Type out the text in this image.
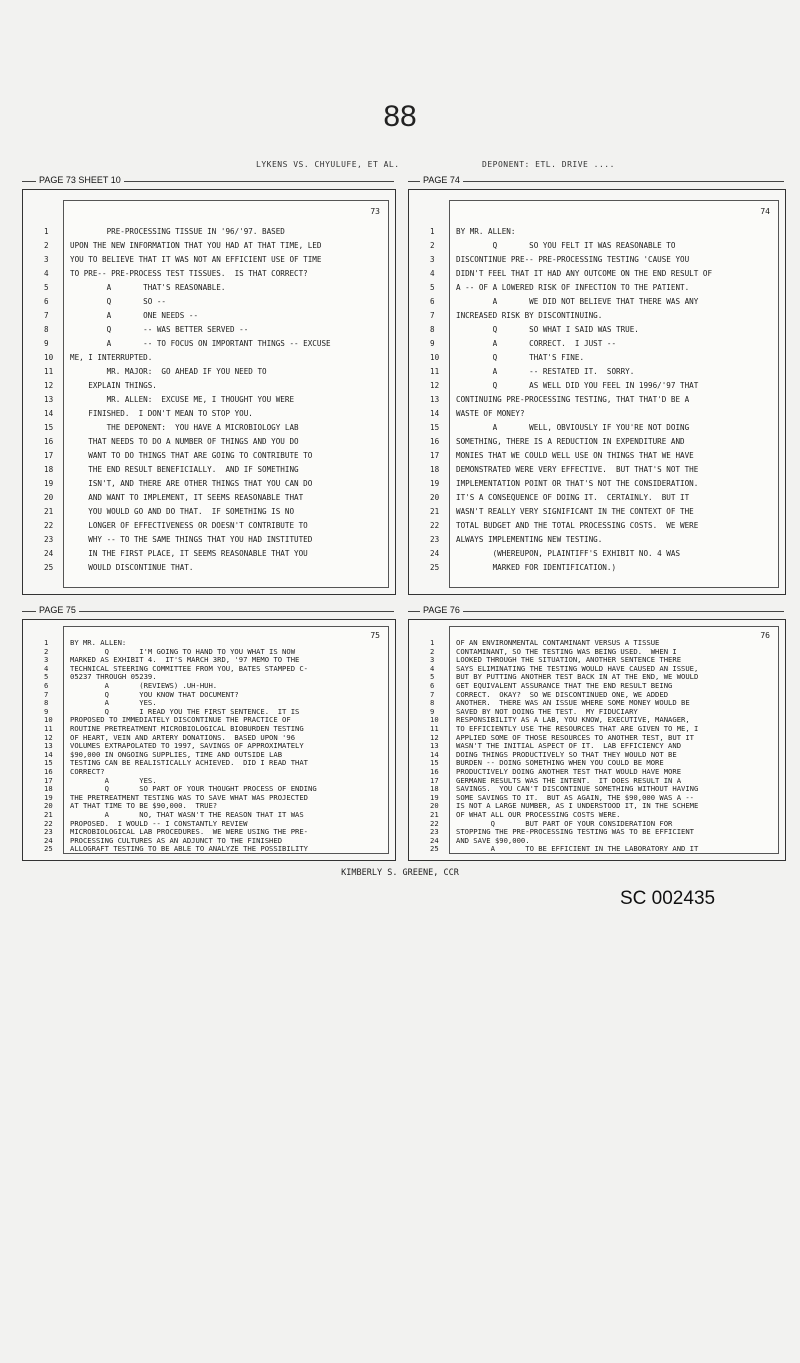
88
LYKENS VS. CHYULUFE, ET AL.	DEPONENT: ETL. DRIVE ....
PAGE 73 SHEET 10	PAGE 74
73
1	PRE-PROCESSING TISSUE IN '96/'97. BASED
2	UPON THE NEW INFORMATION THAT YOU HAD AT THAT TIME, LED
3	YOU TO BELIEVE THAT IT WAS NOT AN EFFICIENT USE OF TIME
4	TO PRE-- PRE-PROCESS TEST TISSUES.  IS THAT CORRECT?
5	A       THAT'S REASONABLE.
6	Q       SO --
7	A       ONE NEEDS --
8	Q       -- WAS BETTER SERVED --
9	A       -- TO FOCUS ON IMPORTANT THINGS -- EXCUSE
10	ME, I INTERRUPTED.
11	MR. MAJOR:  GO AHEAD IF YOU NEED TO
12	EXPLAIN THINGS.
13	MR. ALLEN:  EXCUSE ME, I THOUGHT YOU WERE
14	FINISHED.  I DON'T MEAN TO STOP YOU.
15	THE DEPONENT:  YOU HAVE A MICROBIOLOGY LAB
16	THAT NEEDS TO DO A NUMBER OF THINGS AND YOU DO
17	WANT TO DO THINGS THAT ARE GOING TO CONTRIBUTE TO
18	THE END RESULT BENEFICIALLY.  AND IF SOMETHING
19	ISN'T, AND THERE ARE OTHER THINGS THAT YOU CAN DO
20	AND WANT TO IMPLEMENT, IT SEEMS REASONABLE THAT
21	YOU WOULD GO AND DO THAT.  IF SOMETHING IS NO
22	LONGER OF EFFECTIVENESS OR DOESN'T CONTRIBUTE TO
23	WHY -- TO THE SAME THINGS THAT YOU HAD INSTITUTED
24	IN THE FIRST PLACE, IT SEEMS REASONABLE THAT YOU
25	WOULD DISCONTINUE THAT.
74
1	BY MR. ALLEN:
2	Q       SO YOU FELT IT WAS REASONABLE TO
3	DISCONTINUE PRE-- PRE-PROCESSING TESTING 'CAUSE YOU
4	DIDN'T FEEL THAT IT HAD ANY OUTCOME ON THE END RESULT OF
5	A -- OF A LOWERED RISK OF INFECTION TO THE PATIENT.
6	A       WE DID NOT BELIEVE THAT THERE WAS ANY
7	INCREASED RISK BY DISCONTINUING.
8	Q       SO WHAT I SAID WAS TRUE.
9	A       CORRECT.  I JUST --
10	Q       THAT'S FINE.
11	A       -- RESTATED IT.  SORRY.
12	Q       AS WELL DID YOU FEEL IN 1996/'97 THAT
13	CONTINUING PRE-PROCESSING TESTING, THAT THAT'D BE A
14	WASTE OF MONEY?
15	A       WELL, OBVIOUSLY IF YOU'RE NOT DOING
16	SOMETHING, THERE IS A REDUCTION IN EXPENDITURE AND
17	MONIES THAT WE COULD WELL USE ON THINGS THAT WE HAVE
18	DEMONSTRATED WERE VERY EFFECTIVE.  BUT THAT'S NOT THE
19	IMPLEMENTATION POINT OR THAT'S NOT THE CONSIDERATION.
20	IT'S A CONSEQUENCE OF DOING IT.  CERTAINLY.  BUT IT
21	WASN'T REALLY VERY SIGNIFICANT IN THE CONTEXT OF THE
22	TOTAL BUDGET AND THE TOTAL PROCESSING COSTS.  WE WERE
23	ALWAYS IMPLEMENTING NEW TESTING.
24	(WHEREUPON, PLAINTIFF'S EXHIBIT NO. 4 WAS
25	MARKED FOR IDENTIFICATION.)
PAGE 75	PAGE 76
75
1	BY MR. ALLEN:
2	Q       I'M GOING TO HAND TO YOU WHAT IS NOW
3	MARKED AS EXHIBIT 4.  IT'S MARCH 3RD, '97 MEMO TO THE
4	TECHNICAL STEERING COMMITTEE FROM YOU, BATES STAMPED C-
5	05237 THROUGH 05239.
6	A       (REVIEWS) .UH-HUH.
7	Q       YOU KNOW THAT DOCUMENT?
8	A       YES.
9	Q       I READ YOU THE FIRST SENTENCE.  IT IS
10	PROPOSED TO IMMEDIATELY DISCONTINUE THE PRACTICE OF
11	ROUTINE PRETREATMENT MICROBIOLOGICAL BIOBURDEN TESTING
12	OF HEART, VEIN AND ARTERY DONATIONS.  BASED UPON '96
13	VOLUMES EXTRAPOLATED TO 1997, SAVINGS OF APPROXIMATELY
14	$90,000 IN ONGOING SUPPLIES, TIME AND OUTSIDE LAB
15	TESTING CAN BE REALISTICALLY ACHIEVED.  DID I READ THAT
16	CORRECT?
17	A       YES.
18	Q       SO PART OF YOUR THOUGHT PROCESS OF ENDING
19	THE PRETREATMENT TESTING WAS TO SAVE WHAT WAS PROJECTED
20	AT THAT TIME TO BE $90,000.  TRUE?
21	A       NO, THAT WASN'T THE REASON THAT IT WAS
22	PROPOSED.  I WOULD -- I CONSTANTLY REVIEW
23	MICROBIOLOGICAL LAB PROCEDURES.  WE WERE USING THE PRE-
24	PROCESSING CULTURES AS AN ADJUNCT TO THE FINISHED
25	ALLOGRAFT TESTING TO BE ABLE TO ANALYZE THE POSSIBILITY
76
1	OF AN ENVIRONMENTAL CONTAMINANT VERSUS A TISSUE
2	CONTAMINANT, SO THE TESTING WAS BEING USED.  WHEN I
3	LOOKED THROUGH THE SITUATION, ANOTHER SENTENCE THERE
4	SAYS ELIMINATING THE TESTING WOULD HAVE CAUSED AN ISSUE,
5	BUT BY PUTTING ANOTHER TEST BACK IN AT THE END, WE WOULD
6	GET EQUIVALENT ASSURANCE THAT THE END RESULT BEING
7	CORRECT.  OKAY?  SO WE DISCONTINUED ONE, WE ADDED
8	ANOTHER.  THERE WAS AN ISSUE WHERE SOME MONEY WOULD BE
9	SAVED BY NOT DOING THE TEST.  MY FIDUCIARY
10	RESPONSIBILITY AS A LAB, YOU KNOW, EXECUTIVE, MANAGER,
11	TO EFFICIENTLY USE THE RESOURCES THAT ARE GIVEN TO ME, I
12	APPLIED SOME OF THOSE RESOURCES TO ANOTHER TEST, BUT IT
13	WASN'T THE INITIAL ASPECT OF IT.  LAB EFFICIENCY AND
14	DOING THINGS PRODUCTIVELY SO THAT THEY WOULD NOT BE
15	BURDEN -- DOING SOMETHING WHEN YOU COULD BE MORE
16	PRODUCTIVELY DOING ANOTHER TEST THAT WOULD HAVE MORE
17	GERMANE RESULTS WAS THE INTENT.  IT DOES RESULT IN A
18	SAVINGS.  YOU CAN'T DISCONTINUE SOMETHING WITHOUT HAVING
19	SOME SAVINGS TO IT.  BUT AS AGAIN, THE $90,000 WAS A --
20	IS NOT A LARGE NUMBER, AS I UNDERSTOOD IT, IN THE SCHEME
21	OF WHAT ALL OUR PROCESSING COSTS WERE.
22	Q       BUT PART OF YOUR CONSIDERATION FOR
23	STOPPING THE PRE-PROCESSING TESTING WAS TO BE EFFICIENT
24	AND SAVE $90,000.
25	A       TO BE EFFICIENT IN THE LABORATORY AND IT
KIMBERLY S. GREENE, CCR
SC 002435
